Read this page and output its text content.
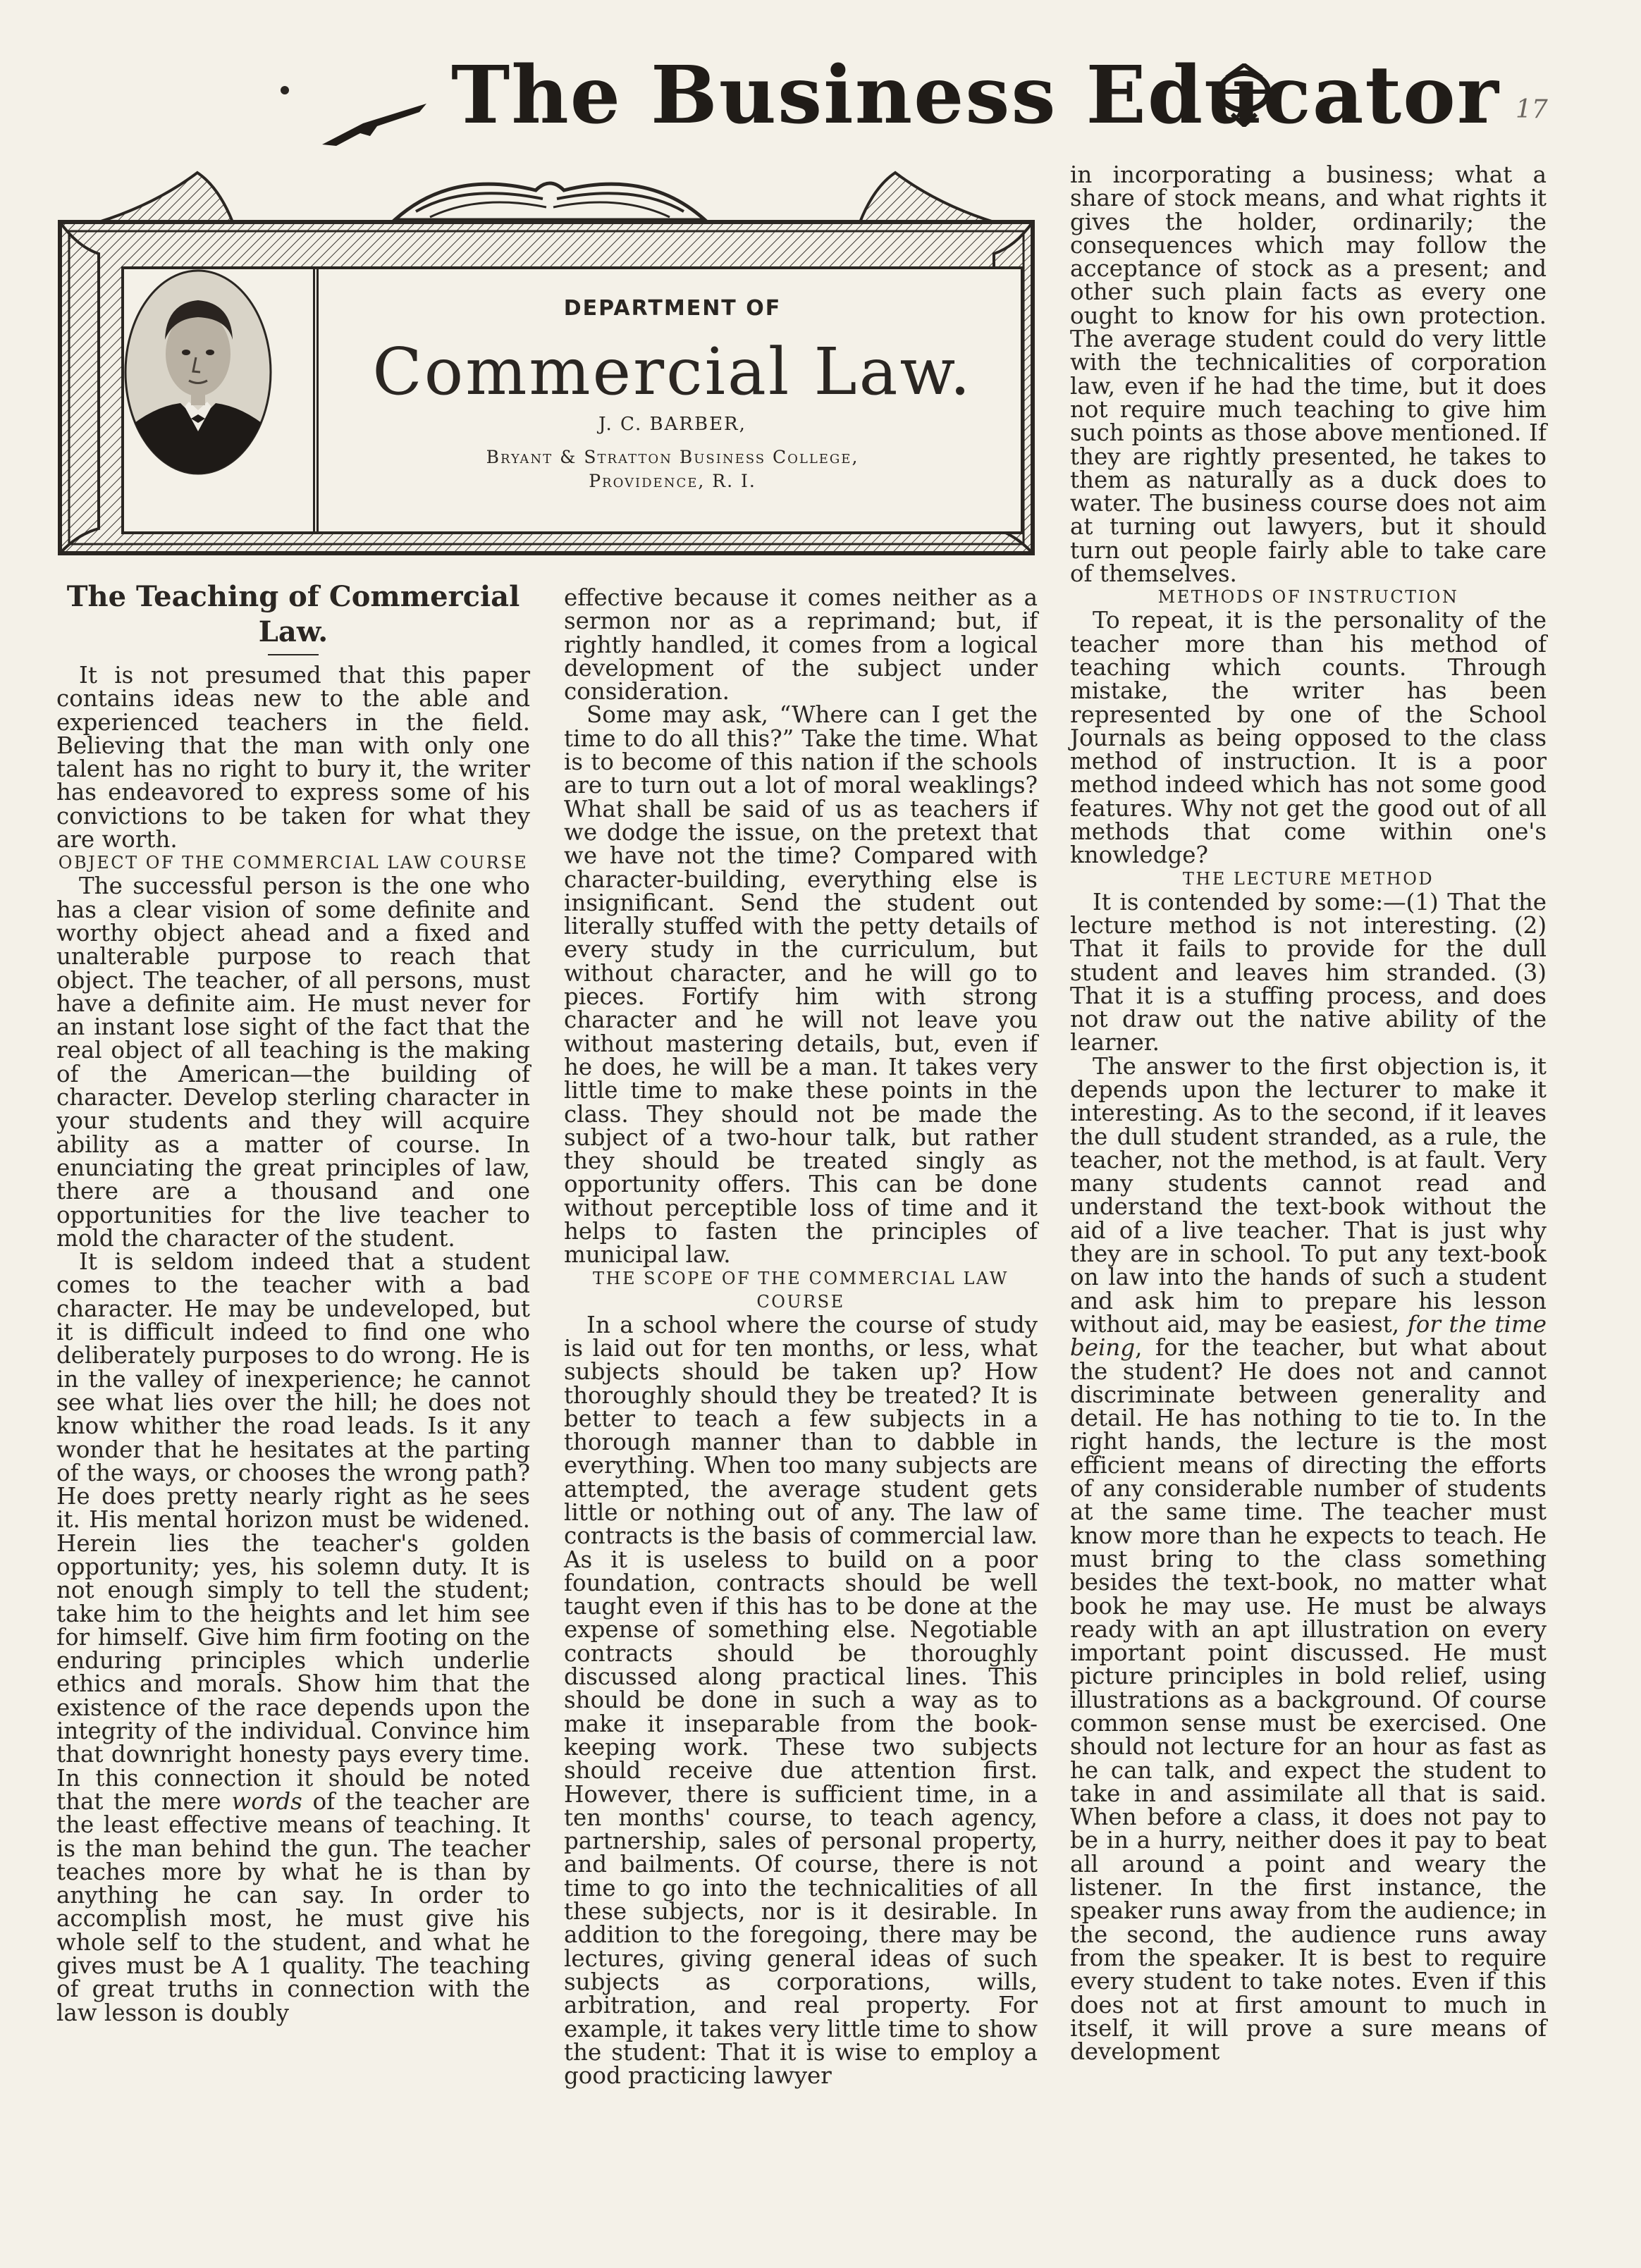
The Business Educator 17
DEPARTMENT OF
Commercial Law.
J. C. BARBER,
Bryant & Stratton Business College,
Providence, R. I.
The Teaching of Commercial Law.

It is not presumed that this paper contains ideas new to the able and experienced teachers in the field. Believing that the man with only one talent has no right to bury it, the writer has endeavored to express some of his convictions to be taken for what they are worth.

OBJECT OF THE COMMERCIAL LAW COURSE

The successful person is the one who has a clear vision of some definite and worthy object ahead and a fixed and unalterable purpose to reach that object. The teacher, of all persons, must have a definite aim. He must never for an instant lose sight of the fact that the real object of all teaching is the making of the American—the building of character. Develop sterling character in your students and they will acquire ability as a matter of course. In enunciating the great principles of law, there are a thousand and one opportunities for the live teacher to mold the character of the student.

It is seldom indeed that a student comes to the teacher with a bad character. He may be undeveloped, but it is difficult indeed to find one who deliberately purposes to do wrong. He is in the valley of inexperience; he cannot see what lies over the hill; he does not know whither the road leads. Is it any wonder that he hesitates at the parting of the ways, or chooses the wrong path? He does pretty nearly right as he sees it. His mental horizon must be widened. Herein lies the teacher's golden opportunity; yes, his solemn duty. It is not enough simply to tell the student; take him to the heights and let him see for himself. Give him firm footing on the enduring principles which underlie ethics and morals. Show him that the existence of the race depends upon the integrity of the individual. Convince him that downright honesty pays every time. In this connection it should be noted that the mere words of the teacher are the least effective means of teaching. It is the man behind the gun. The teacher teaches more by what he is than by anything he can say. In order to accomplish most, he must give his whole self to the student, and what he gives must be A 1 quality. The teaching of great truths in connection with the law lesson is doubly

effective because it comes neither as a sermon nor as a reprimand; but, if rightly handled, it comes from a logical development of the subject under consideration.

Some may ask, “Where can I get the time to do all this?” Take the time. What is to become of this nation if the schools are to turn out a lot of moral weaklings? What shall be said of us as teachers if we dodge the issue, on the pretext that we have not the time? Compared with character-building, everything else is insignificant. Send the student out literally stuffed with the petty details of every study in the curriculum, but without character, and he will go to pieces. Fortify him with strong character and he will not leave you without mastering details, but, even if he does, he will be a man. It takes very little time to make these points in the class. They should not be made the subject of a two-hour talk, but rather they should be treated singly as opportunity offers. This can be done without perceptible loss of time and it helps to fasten the principles of municipal law.

THE SCOPE OF THE COMMERCIAL LAW COURSE

In a school where the course of study is laid out for ten months, or less, what subjects should be taken up? How thoroughly should they be treated? It is better to teach a few subjects in a thorough manner than to dabble in everything. When too many subjects are attempted, the average student gets little or nothing out of any. The law of contracts is the basis of commercial law. As it is useless to build on a poor foundation, contracts should be well taught even if this has to be done at the expense of something else. Negotiable contracts should be thoroughly discussed along practical lines. This should be done in such a way as to make it inseparable from the book-keeping work. These two subjects should receive due attention first. However, there is sufficient time, in a ten months' course, to teach agency, partnership, sales of personal property, and bailments. Of course, there is not time to go into the technicalities of all these subjects, nor is it desirable. In addition to the foregoing, there may be lectures, giving general ideas of such subjects as corporations, wills, arbitration, and real property. For example, it takes very little time to show the student: That it is wise to employ a good practicing lawyer

in incorporating a business; what a share of stock means, and what rights it gives the holder, ordinarily; the consequences which may follow the acceptance of stock as a present; and other such plain facts as every one ought to know for his own protection. The average student could do very little with the technicalities of corporation law, even if he had the time, but it does not require much teaching to give him such points as those above mentioned. If they are rightly presented, he takes to them as naturally as a duck does to water. The business course does not aim at turning out lawyers, but it should turn out people fairly able to take care of themselves.

METHODS OF INSTRUCTION

To repeat, it is the personality of the teacher more than his method of teaching which counts. Through mistake, the writer has been represented by one of the School Journals as being opposed to the class method of instruction. It is a poor method indeed which has not some good features. Why not get the good out of all methods that come within one's knowledge?

THE LECTURE METHOD

It is contended by some:—(1) That the lecture method is not interesting. (2) That it fails to provide for the dull student and leaves him stranded. (3) That it is a stuffing process, and does not draw out the native ability of the learner.

The answer to the first objection is, it depends upon the lecturer to make it interesting. As to the second, if it leaves the dull student stranded, as a rule, the teacher, not the method, is at fault. Very many students cannot read and understand the text-book without the aid of a live teacher. That is just why they are in school. To put any text-book on law into the hands of such a student and ask him to prepare his lesson without aid, may be easiest, for the time being, for the teacher, but what about the student? He does not and cannot discriminate between generality and detail. He has nothing to tie to. In the right hands, the lecture is the most efficient means of directing the efforts of any considerable number of students at the same time. The teacher must know more than he expects to teach. He must bring to the class something besides the text-book, no matter what book he may use. He must be always ready with an apt illustration on every important point discussed. He must picture principles in bold relief, using illustrations as a background. Of course common sense must be exercised. One should not lecture for an hour as fast as he can talk, and expect the student to take in and assimilate all that is said. When before a class, it does not pay to be in a hurry, neither does it pay to beat all around a point and weary the listener. In the first instance, the speaker runs away from the audience; in the second, the audience runs away from the speaker. It is best to require every student to take notes. Even if this does not at first amount to much in itself, it will prove a sure means of development
